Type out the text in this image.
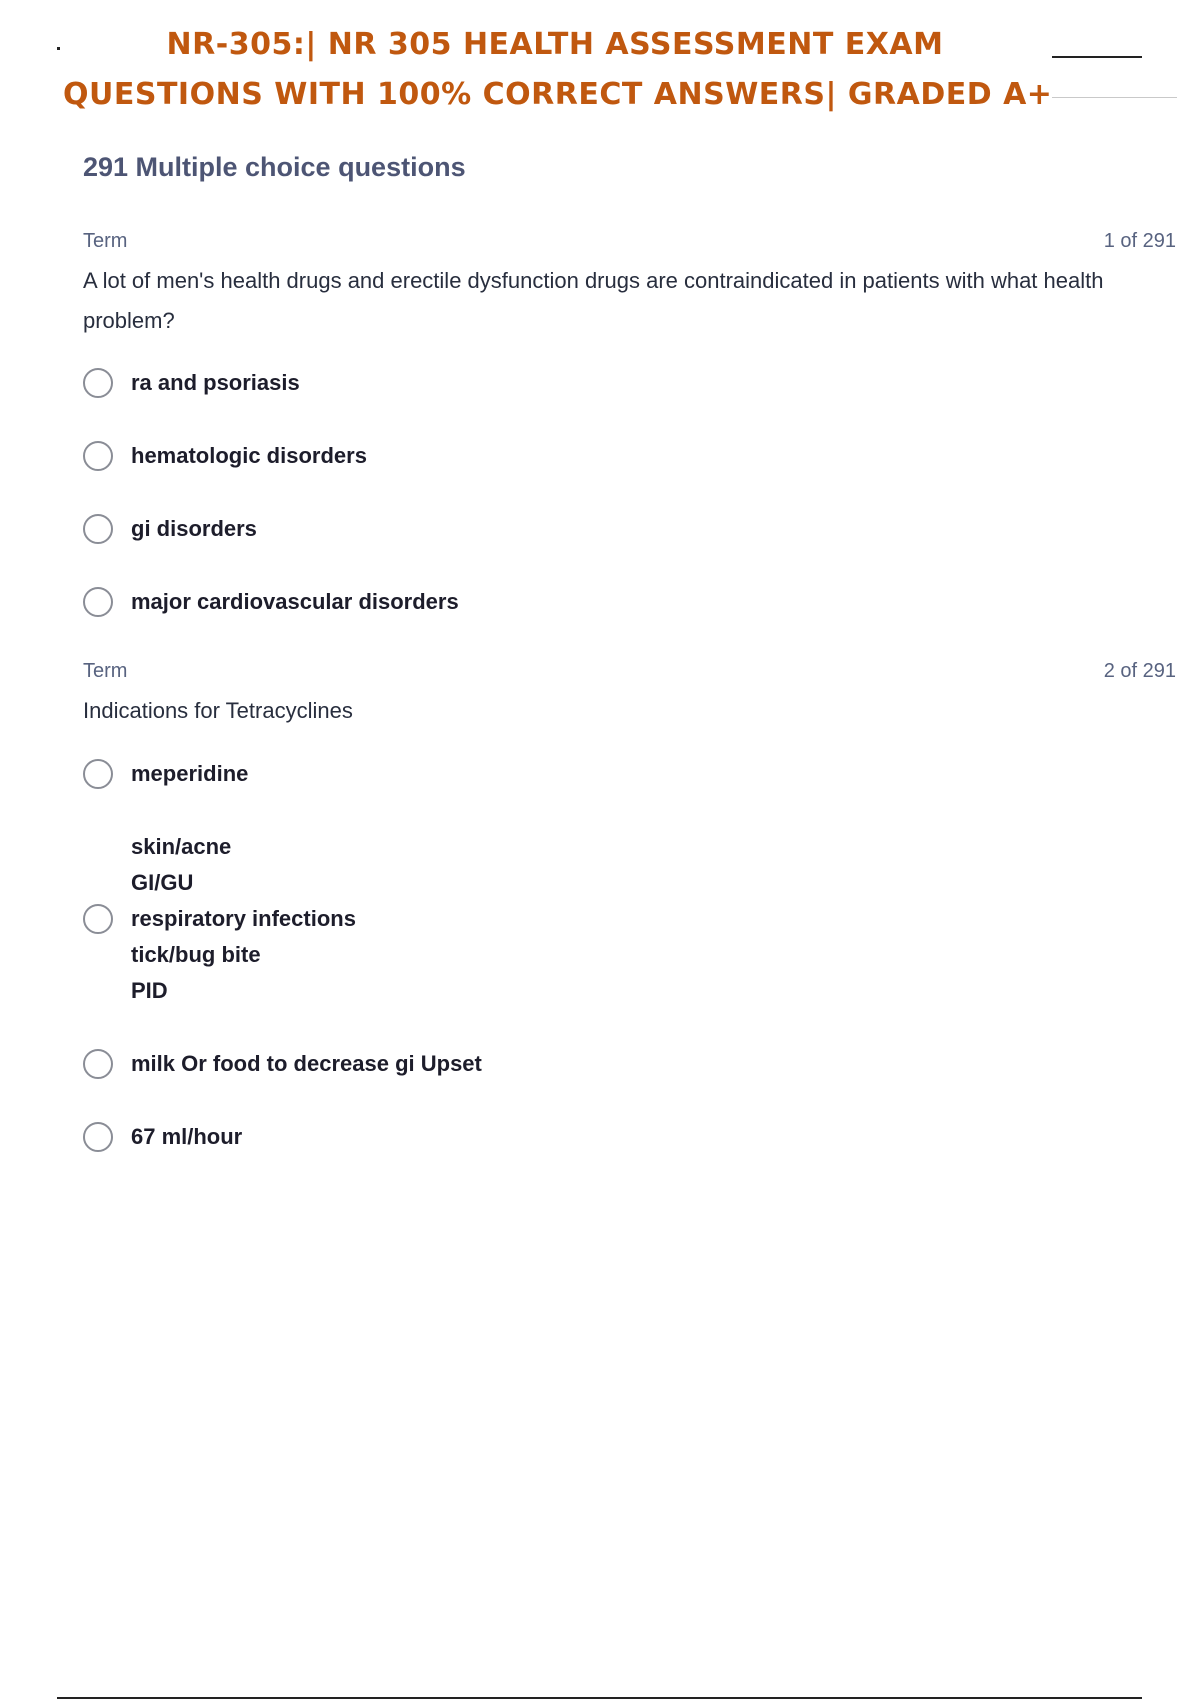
NR-305:| NR 305 HEALTH ASSESSMENT EXAM
QUESTIONS WITH 100% CORRECT ANSWERS| GRADED A+
291 Multiple choice questions
Term	1 of 291
A lot of men's health drugs and erectile dysfunction drugs are contraindicated in patients with what health problem?
ra and psoriasis
hematologic disorders
gi disorders
major cardiovascular disorders
Term	2 of 291
Indications for Tetracyclines
meperidine
skin/acne
GI/GU
respiratory infections
tick/bug bite
PID
milk Or food to decrease gi Upset
67 ml/hour
